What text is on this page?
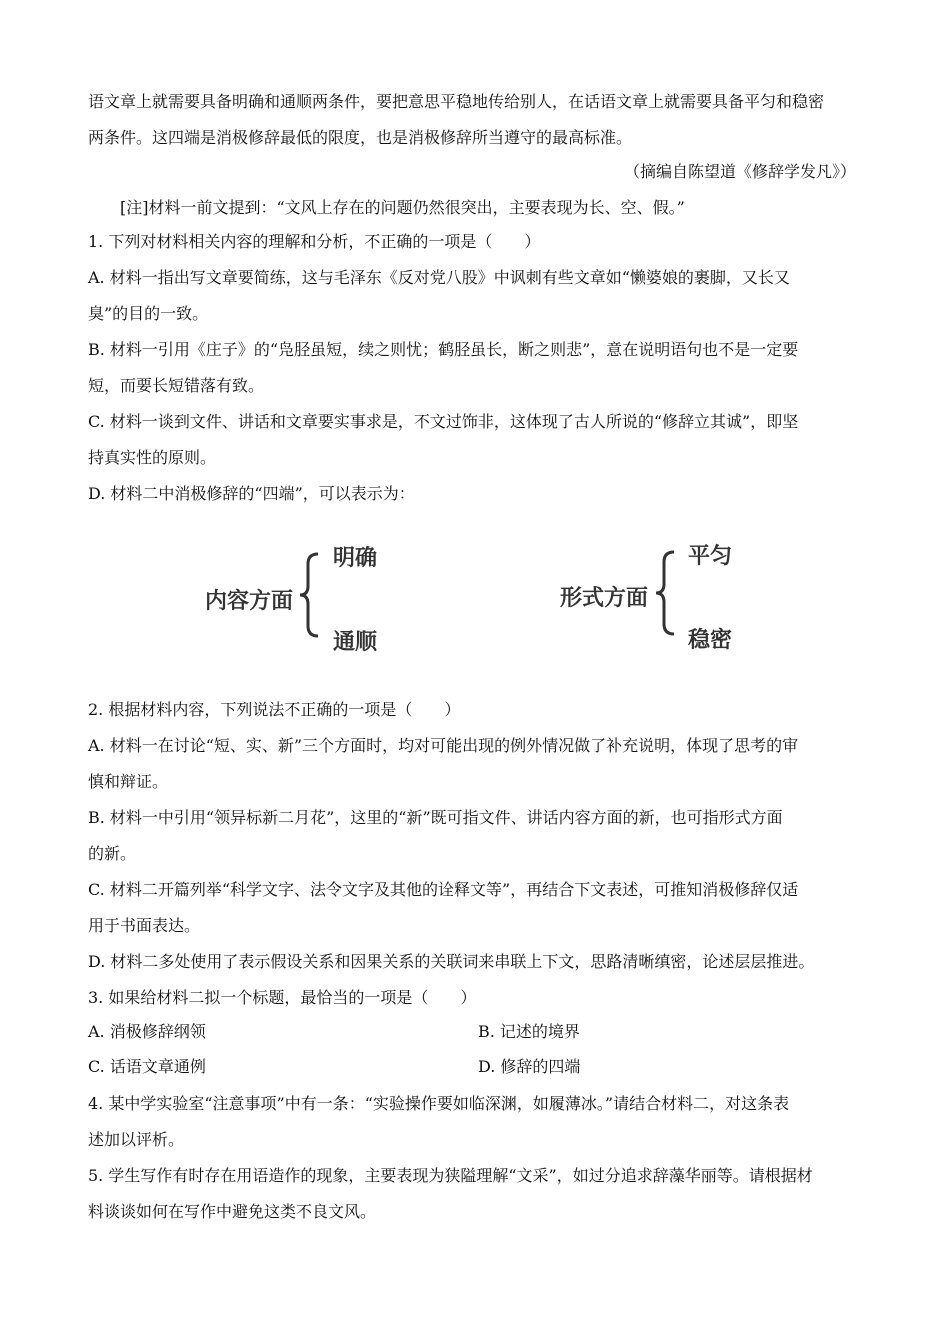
语文章上就需要具备明确和通顺两条件，要把意思平稳地传给别人，在话语文章上就需要具备平匀和稳密
两条件。这四端是消极修辞最低的限度，也是消极修辞所当遵守的最高标准。
（摘编自陈望道《修辞学发凡》）
[注]材料一前文提到：“文风上存在的问题仍然很突出，主要表现为长、空、假。”
1. 下列对材料相关内容的理解和分析，不正确的一项是（　　）
A. 材料一指出写文章要简练，这与毛泽东《反对党八股》中讽刺有些文章如“懒婆娘的裹脚，又长又
臭”的目的一致。
B. 材料一引用《庄子》的“凫胫虽短，续之则忧；鹤胫虽长，断之则悲”，意在说明语句也不是一定要
短，而要长短错落有致。
C. 材料一谈到文件、讲话和文章要实事求是，不文过饰非，这体现了古人所说的“修辞立其诚”，即坚
持真实性的原则。
D. 材料二中消极修辞的“四端”，可以表示为：
内容方面
明确
通顺
形式方面
平匀
稳密
2. 根据材料内容，下列说法不正确的一项是（　　）
A. 材料一在讨论“短、实、新”三个方面时，均对可能出现的例外情况做了补充说明，体现了思考的审
慎和辩证。
B. 材料一中引用“领异标新二月花”，这里的“新”既可指文件、讲话内容方面的新，也可指形式方面
的新。
C. 材料二开篇列举“科学文字、法令文字及其他的诠释文等”，再结合下文表述，可推知消极修辞仅适
用于书面表达。
D. 材料二多处使用了表示假设关系和因果关系的关联词来串联上下文，思路清晰缜密，论述层层推进。
3. 如果给材料二拟一个标题，最恰当的一项是（　　）
A. 消极修辞纲领	B. 记述的境界
C. 话语文章通例	D. 修辞的四端
4. 某中学实验室“注意事项”中有一条：“实验操作要如临深渊，如履薄冰。”请结合材料二，对这条表
述加以评析。
5. 学生写作有时存在用语造作的现象，主要表现为狭隘理解“文采”，如过分追求辞藻华丽等。请根据材
料谈谈如何在写作中避免这类不良文风。
